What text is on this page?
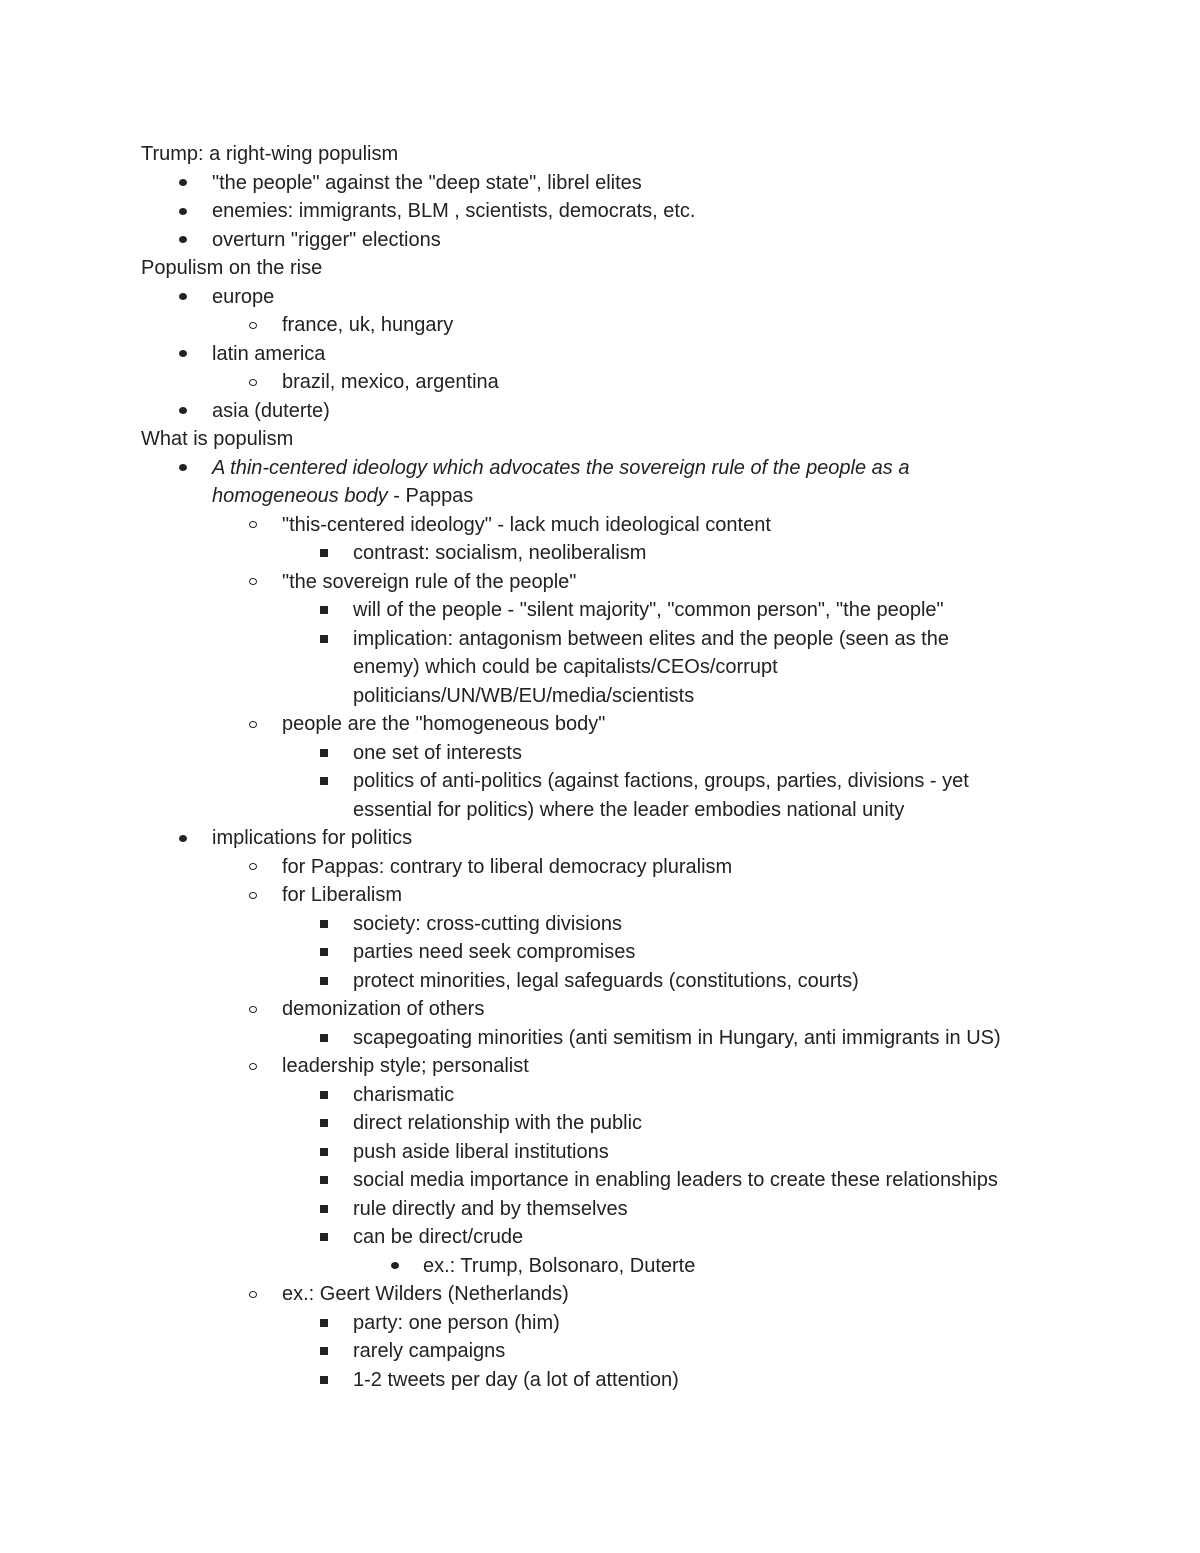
Trump: a right-wing populism
"the people" against the "deep state", librel elites
enemies: immigrants, BLM , scientists, democrats, etc.
overturn "rigger" elections
Populism on the rise
europe
france, uk, hungary
latin america
brazil, mexico, argentina
asia (duterte)
What is populism
A thin-centered ideology which advocates the sovereign rule of the people as a
homogeneous body - Pappas
"this-centered ideology" - lack much ideological content
contrast: socialism, neoliberalism
"the sovereign rule of the people"
will of the people - "silent majority", "common person", "the people"
implication: antagonism between elites and the people (seen as the
enemy) which could be capitalists/CEOs/corrupt
politicians/UN/WB/EU/media/scientists
people are the "homogeneous body"
one set of interests
politics of anti-politics (against factions, groups, parties, divisions - yet
essential for politics) where the leader embodies national unity
implications for politics
for Pappas: contrary to liberal democracy pluralism
for Liberalism
society: cross-cutting divisions
parties need seek compromises
protect minorities, legal safeguards (constitutions, courts)
demonization of others
scapegoating minorities (anti semitism in Hungary, anti immigrants in US)
leadership style; personalist
charismatic
direct relationship with the public
push aside liberal institutions
social media importance in enabling leaders to create these relationships
rule directly and by themselves
can be direct/crude
ex.: Trump, Bolsonaro, Duterte
ex.: Geert Wilders (Netherlands)
party: one person (him)
rarely campaigns
1-2 tweets per day (a lot of attention)
